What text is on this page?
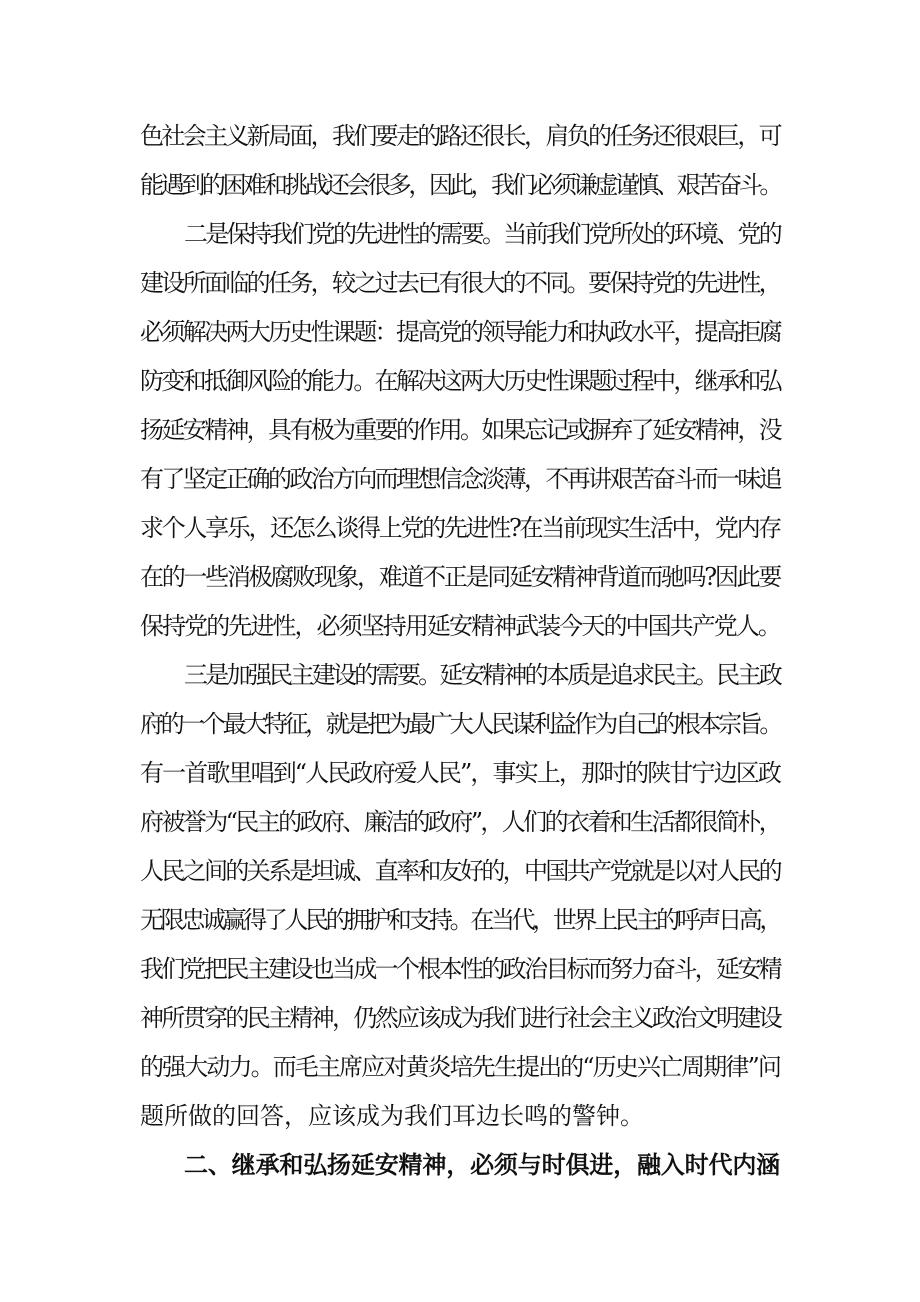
色社会主义新局面，我们要走的路还很长，肩负的任务还很艰巨，可
能遇到的困难和挑战还会很多，因此，我们必须谦虚谨慎、艰苦奋斗。
二是保持我们党的先进性的需要。当前我们党所处的环境、党的
建设所面临的任务，较之过去已有很大的不同。要保持党的先进性，
必须解决两大历史性课题：提高党的领导能力和执政水平，提高拒腐
防变和抵御风险的能力。在解决这两大历史性课题过程中，继承和弘
扬延安精神，具有极为重要的作用。如果忘记或摒弃了延安精神，没
有了坚定正确的政治方向而理想信念淡薄，不再讲艰苦奋斗而一味追
求个人享乐，还怎么谈得上党的先进性?在当前现实生活中，党内存
在的一些消极腐败现象，难道不正是同延安精神背道而驰吗?因此要
保持党的先进性，必须坚持用延安精神武装今天的中国共产党人。
三是加强民主建设的需要。延安精神的本质是追求民主。民主政
府的一个最大特征，就是把为最广大人民谋利益作为自己的根本宗旨。
有一首歌里唱到“人民政府爱人民”，事实上，那时的陕甘宁边区政
府被誉为“民主的政府、廉洁的政府”，人们的衣着和生活都很简朴，
人民之间的关系是坦诚、直率和友好的，中国共产党就是以对人民的
无限忠诚赢得了人民的拥护和支持。在当代，世界上民主的呼声日高，
我们党把民主建设也当成一个根本性的政治目标而努力奋斗，延安精
神所贯穿的民主精神，仍然应该成为我们进行社会主义政治文明建设
的强大动力。而毛主席应对黄炎培先生提出的“历史兴亡周期律”问
题所做的回答，应该成为我们耳边长鸣的警钟。
二、继承和弘扬延安精神，必须与时俱进，融入时代内涵
